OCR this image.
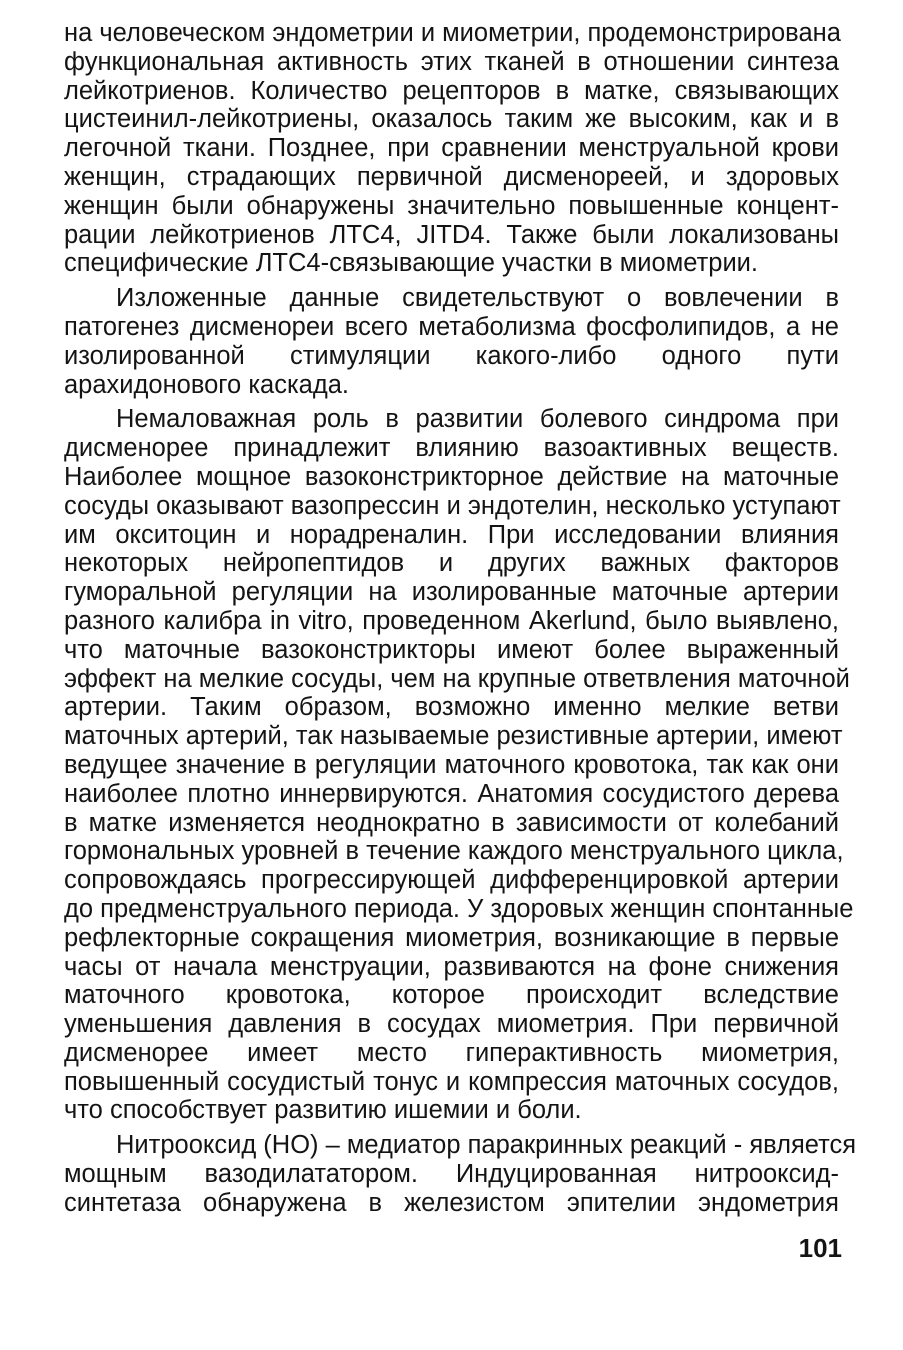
на человеческом эндометрии и миометрии, продемонстрирована
функциональная активность этих тканей в отношении синтеза
лейкотриенов. Количество рецепторов в матке, связывающих
цистеинил-лейкотриены, оказалось таким же высоким, как и в
легочной ткани. Позднее, при сравнении менструальной крови
женщин, страдающих первичной дисменореей, и здоровых
женщин были обнаружены значительно повышенные концент-
рации лейкотриенов ЛТС4, JITD4. Также были локализованы
специфические ЛТС4-связывающие участки в миометрии.
Изложенные данные свидетельствуют о вовлечении в
патогенез дисменореи всего метаболизма фосфолипидов, а не
изолированной стимуляции какого-либо одного пути
арахидонового каскада.
Немаловажная роль в развитии болевого синдрома при
дисменорее принадлежит влиянию вазоактивных веществ.
Наиболее мощное вазоконстрикторное действие на маточные
сосуды оказывают вазопрессин и эндотелин, несколько уступают
им окситоцин и норадреналин. При исследовании влияния
некоторых нейропептидов и других важных факторов
гуморальной регуляции на изолированные маточные артерии
разного калибра in vitro, проведенном Akerlund, было выявлено,
что маточные вазоконстрикторы имеют более выраженный
эффект на мелкие сосуды, чем на крупные ответвления маточной
артерии. Таким образом, возможно именно мелкие ветви
маточных артерий, так называемые резистивные артерии, имеют
ведущее значение в регуляции маточного кровотока, так как они
наиболее плотно иннервируются. Анатомия сосудистого дерева
в матке изменяется неоднократно в зависимости от колебаний
гормональных уровней в течение каждого менструального цикла,
сопровождаясь прогрессирующей дифференцировкой артерии
до предменструального периода. У здоровых женщин спонтанные
рефлекторные сокращения миометрия, возникающие в первые
часы от начала менструации, развиваются на фоне снижения
маточного кровотока, которое происходит вследствие
уменьшения давления в сосудах миометрия. При первичной
дисменорее имеет место гиперактивность миометрия,
повышенный сосудистый тонус и компрессия маточных сосудов,
что способствует развитию ишемии и боли.
Нитрооксид (НО) – медиатор паракринных реакций - является
мощным вазодилататором. Индуцированная нитрооксид-
синтетаза обнаружена в железистом эпителии эндометрия
101
